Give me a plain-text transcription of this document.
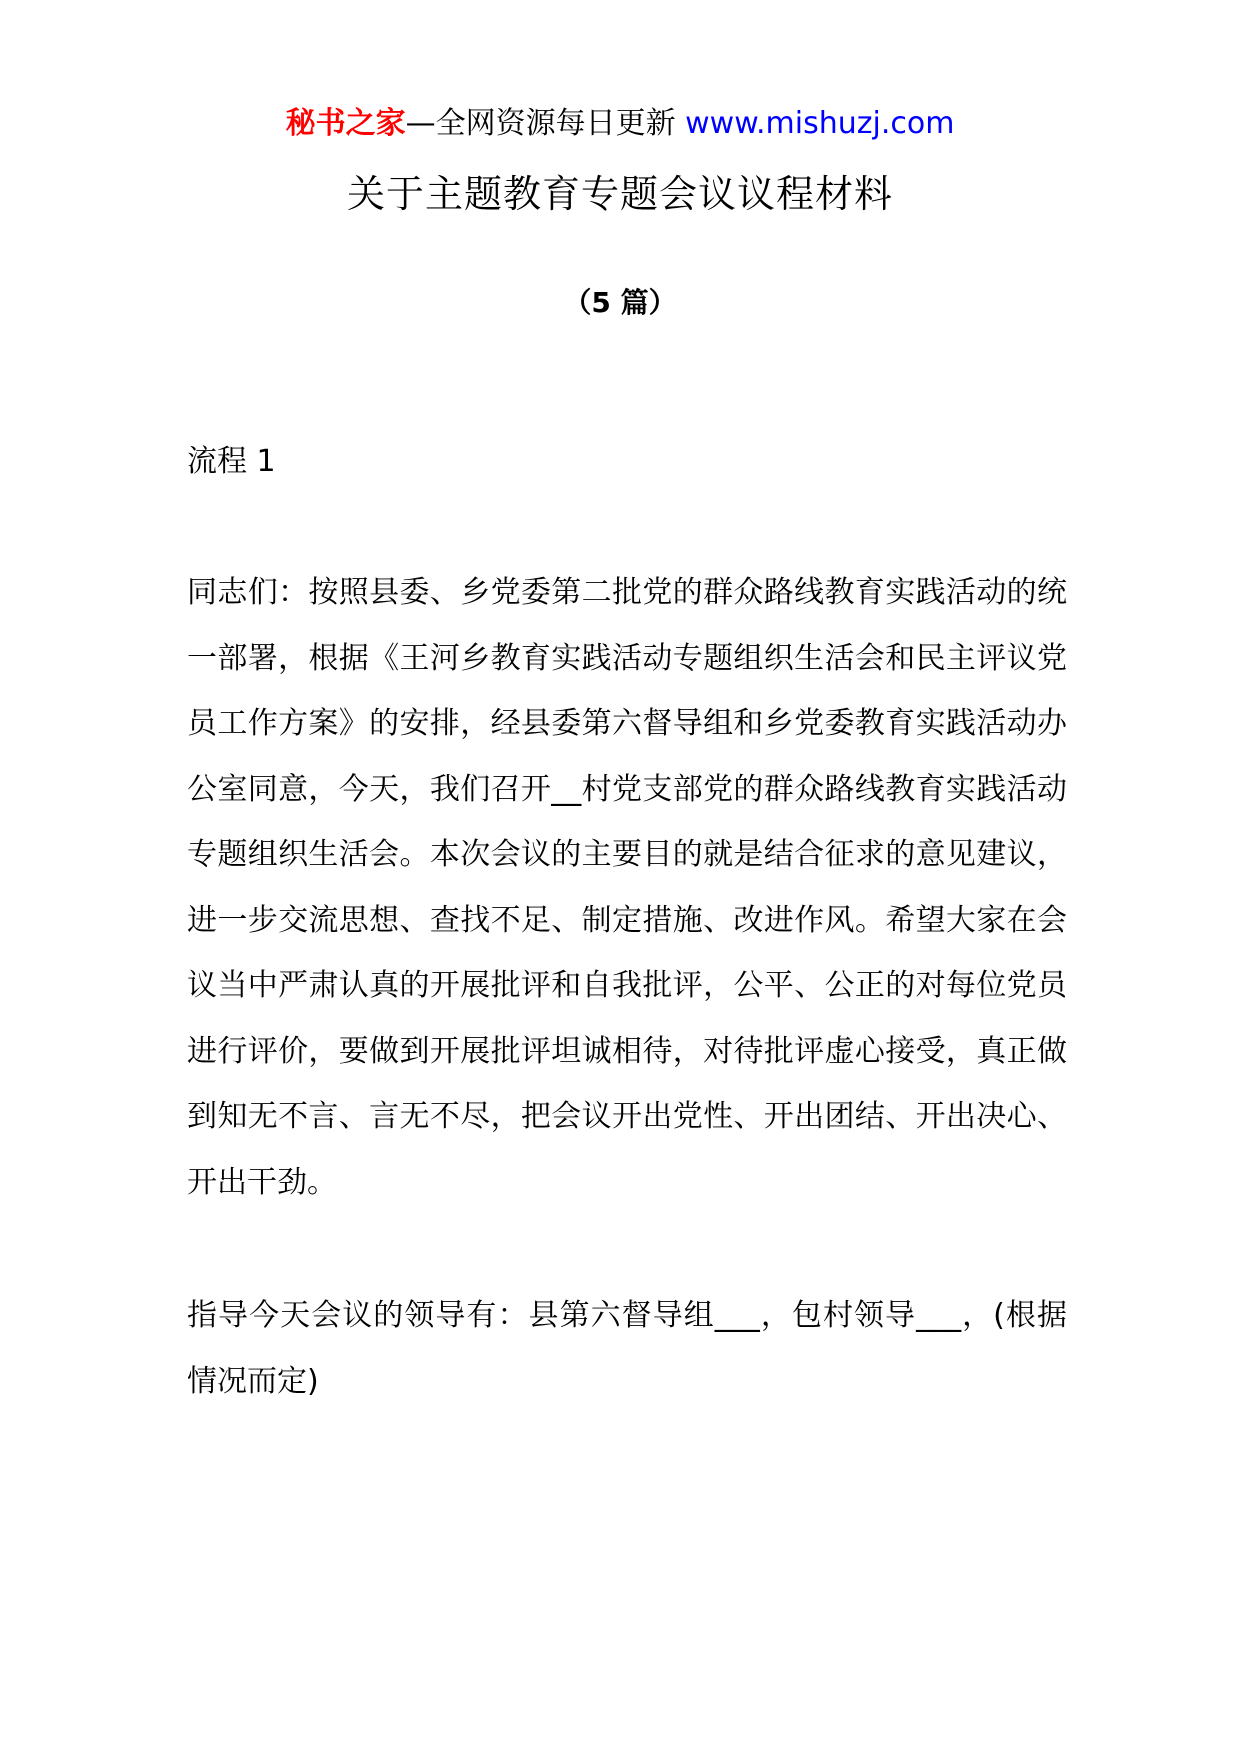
秘书之家—全网资源每日更新 www.mishuzj.com
关于主题教育专题会议议程材料
（5 篇）
流程 1
同志们：按照县委、乡党委第二批党的群众路线教育实践活动的统一部署，根据《王河乡教育实践活动专题组织生活会和民主评议党员工作方案》的安排，经县委第六督导组和乡党委教育实践活动办公室同意，今天，我们召开__村党支部党的群众路线教育实践活动专题组织生活会。本次会议的主要目的就是结合征求的意见建议，进一步交流思想、查找不足、制定措施、改进作风。希望大家在会议当中严肃认真的开展批评和自我批评，公平、公正的对每位党员进行评价，要做到开展批评坦诚相待，对待批评虚心接受，真正做到知无不言、言无不尽，把会议开出党性、开出团结、开出决心、开出干劲。
指导今天会议的领导有：县第六督导组___，包村领导___，(根据情况而定)
